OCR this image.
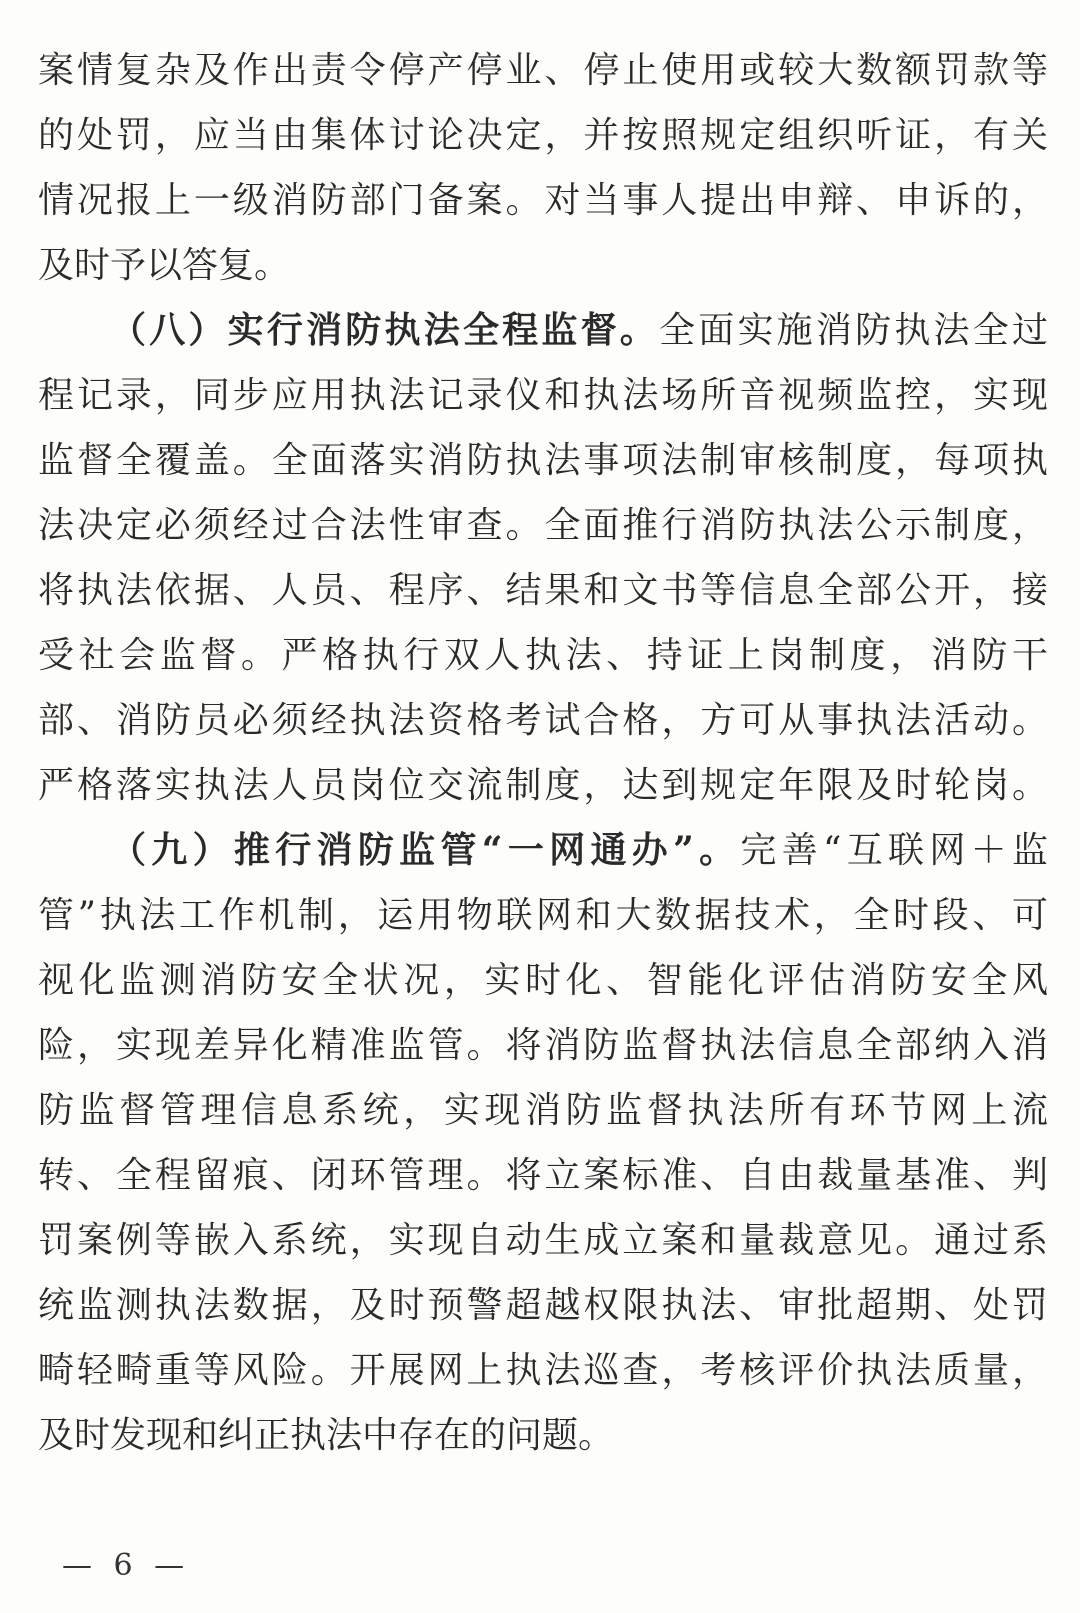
案情复杂及作出责令停产停业、停止使用或较大数额罚款等
的处罚，应当由集体讨论决定，并按照规定组织听证，有关
情况报上一级消防部门备案。对当事人提出申辩、申诉的，
及时予以答复。
（八）实行消防执法全程监督。全面实施消防执法全过
程记录，同步应用执法记录仪和执法场所音视频监控，实现
监督全覆盖。全面落实消防执法事项法制审核制度，每项执
法决定必须经过合法性审查。全面推行消防执法公示制度，
将执法依据、人员、程序、结果和文书等信息全部公开，接
受社会监督。严格执行双人执法、持证上岗制度，消防干
部、消防员必须经执法资格考试合格，方可从事执法活动。
严格落实执法人员岗位交流制度，达到规定年限及时轮岗。
（九）推行消防监管“一网通办”。完善“互联网＋监
管”执法工作机制，运用物联网和大数据技术，全时段、可
视化监测消防安全状况，实时化、智能化评估消防安全风
险，实现差异化精准监管。将消防监督执法信息全部纳入消
防监督管理信息系统，实现消防监督执法所有环节网上流
转、全程留痕、闭环管理。将立案标准、自由裁量基准、判
罚案例等嵌入系统，实现自动生成立案和量裁意见。通过系
统监测执法数据，及时预警超越权限执法、审批超期、处罚
畸轻畸重等风险。开展网上执法巡查，考核评价执法质量，
及时发现和纠正执法中存在的问题。
— 6 —
